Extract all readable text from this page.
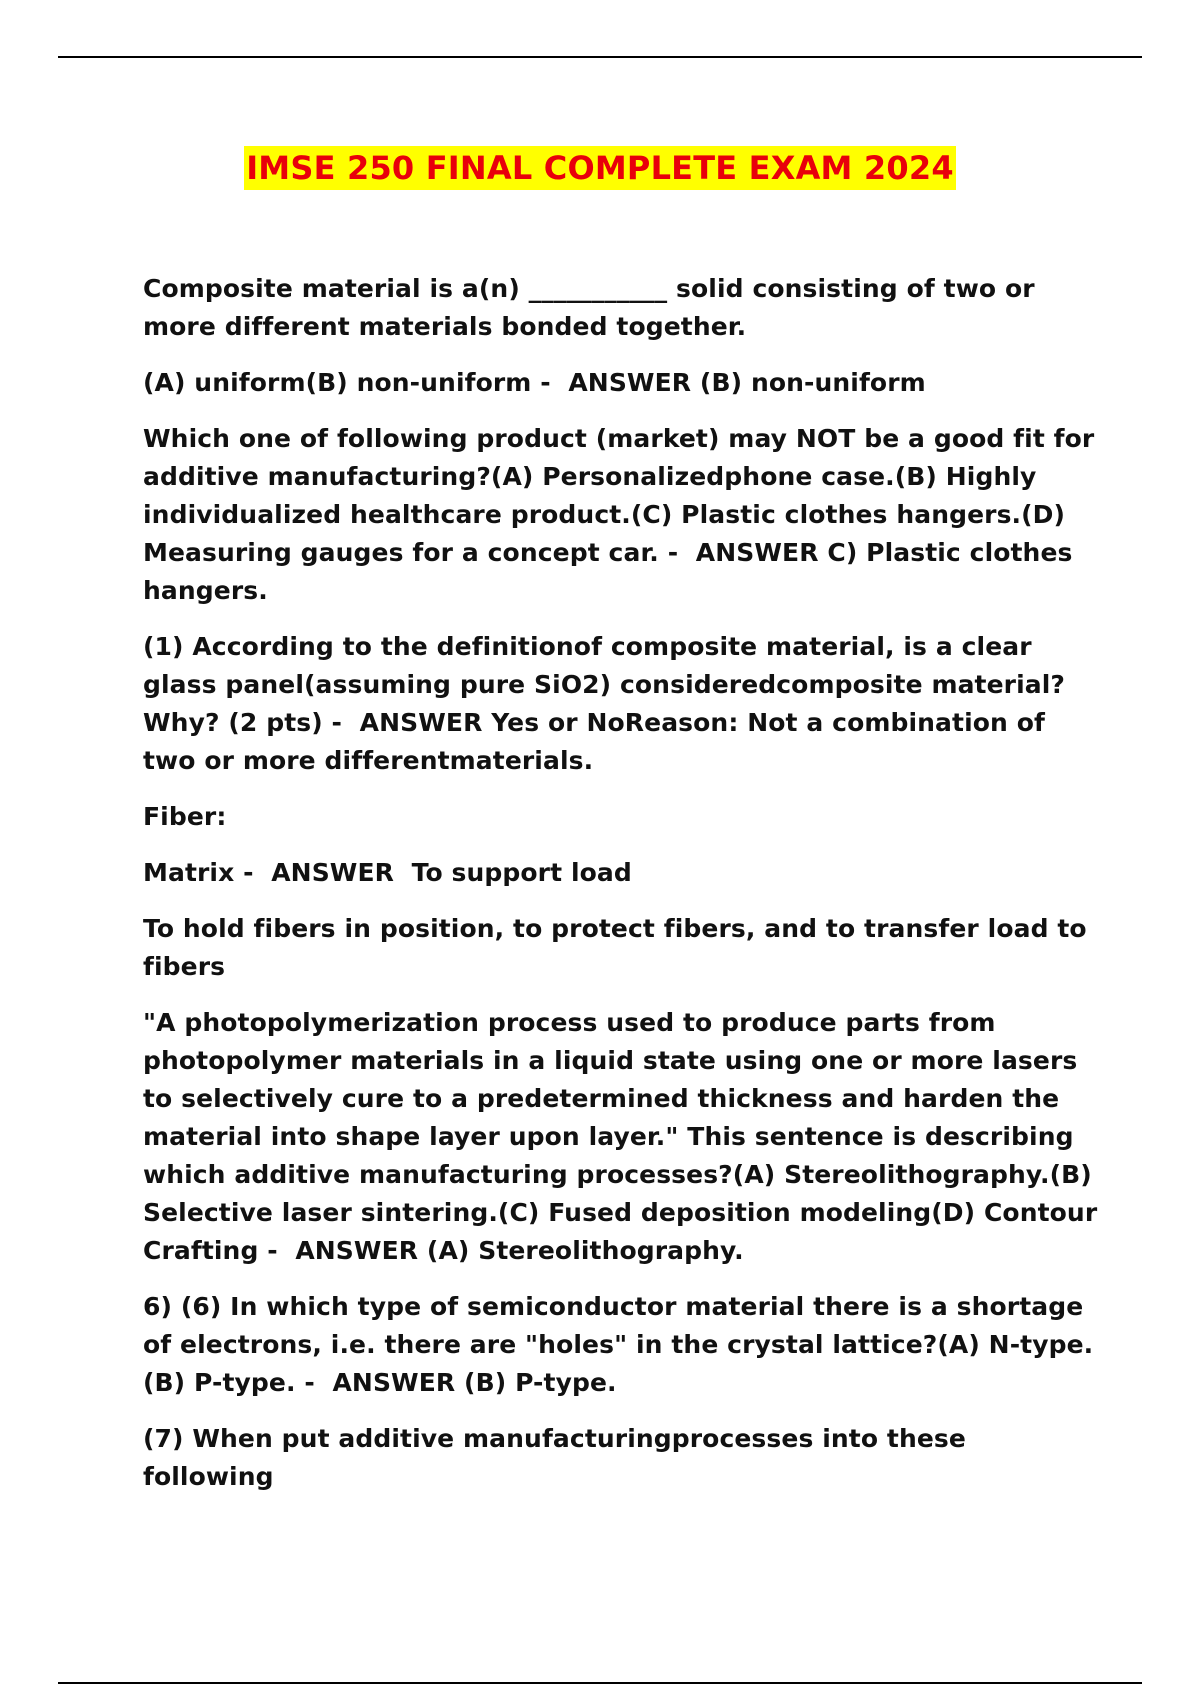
IMSE 250 FINAL COMPLETE EXAM 2024

Composite material is a(n) ___________ solid consisting of two or more different materials bonded together.

(A) uniform(B) non-uniform - ANSWER (B) non-uniform

Which one of following product (market) may NOT be a good fit for additive manufacturing?(A) Personalizedphone case.(B) Highly individualized healthcare product.(C) Plastic clothes hangers.(D) Measuring gauges for a concept car. - ANSWER C) Plastic clothes hangers.

(1) According to the definitionof composite material, is a clear glass panel(assuming pure SiO2) consideredcomposite material?Why? (2 pts) - ANSWER Yes or NoReason: Not a combination of two or more differentmaterials.

Fiber:

Matrix - ANSWER  To support load

To hold fibers in position, to protect fibers, and to transfer load to fibers

"A photopolymerization process used to produce parts from photopolymer materials in a liquid state using one or more lasers to selectively cure to a predetermined thickness and harden the material into shape layer upon layer." This sentence is describing which additive manufacturing processes?(A) Stereolithography.(B) Selective laser sintering.(C) Fused deposition modeling(D) Contour Crafting - ANSWER (A) Stereolithography.

6) (6) In which type of semiconductor material there is a shortage of electrons, i.e. there are "holes" in the crystal lattice?(A) N-type.(B) P-type. - ANSWER (B) P-type.

(7) When put additive manufacturingprocesses into these following
